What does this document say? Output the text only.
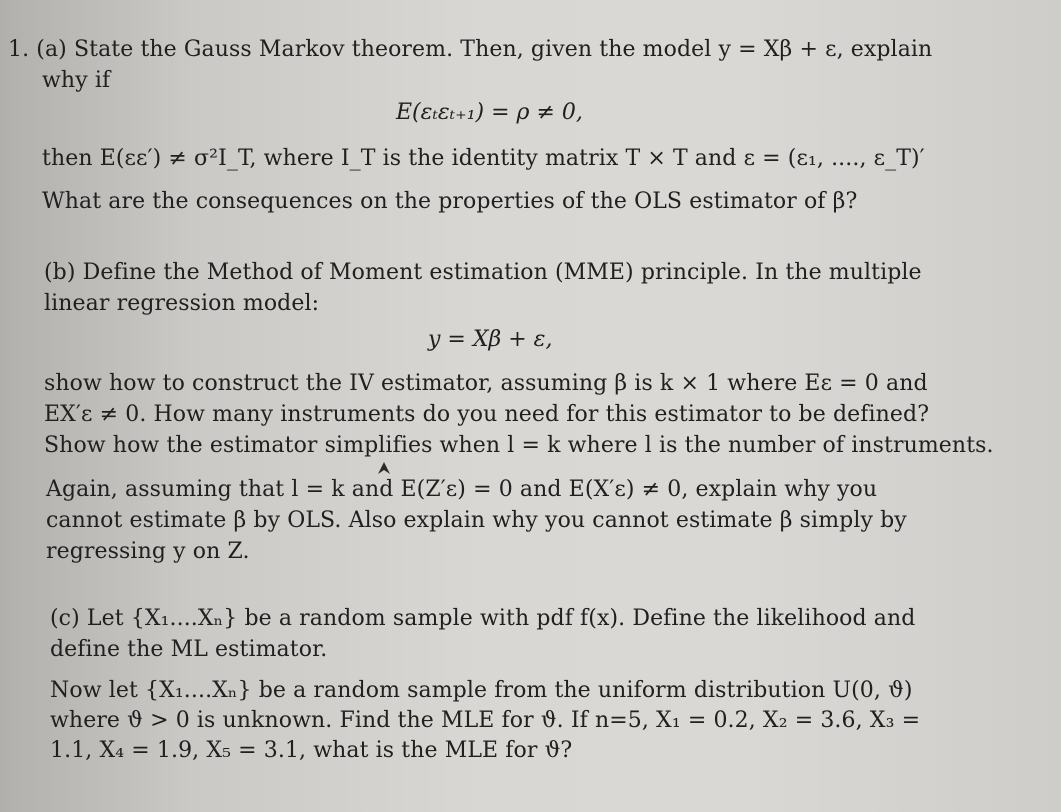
1. (a) State the Gauss Markov theorem. Then, given the model y = Xβ + ε, explain
why if
E(εₜεₜ₊₁) = ρ ≠ 0,
then E(εε′) ≠ σ²I_T, where I_T is the identity matrix T × T and ε = (ε₁, ...., ε_T)′
What are the consequences on the properties of the OLS estimator of β?
(b) Define the Method of Moment estimation (MME) principle. In the multiple
linear regression model:
y = Xβ + ε,
show how to construct the IV estimator, assuming β is k × 1 where Eε = 0 and
EX′ε ≠ 0. How many instruments do you need for this estimator to be defined?
Show how the estimator simplifies when l = k where l is the number of instruments.
Again, assuming that l = k and E(Z′ε) = 0 and E(X′ε) ≠ 0, explain why you
cannot estimate β by OLS. Also explain why you cannot estimate β simply by
regressing y on Z.
(c) Let {X₁....Xₙ} be a random sample with pdf f(x). Define the likelihood and
define the ML estimator.
Now let {X₁....Xₙ} be a random sample from the uniform distribution U(0, ϑ)
where ϑ > 0 is unknown. Find the MLE for ϑ. If n=5, X₁ = 0.2, X₂ = 3.6, X₃ =
1.1, X₄ = 1.9, X₅ = 3.1, what is the MLE for ϑ?
